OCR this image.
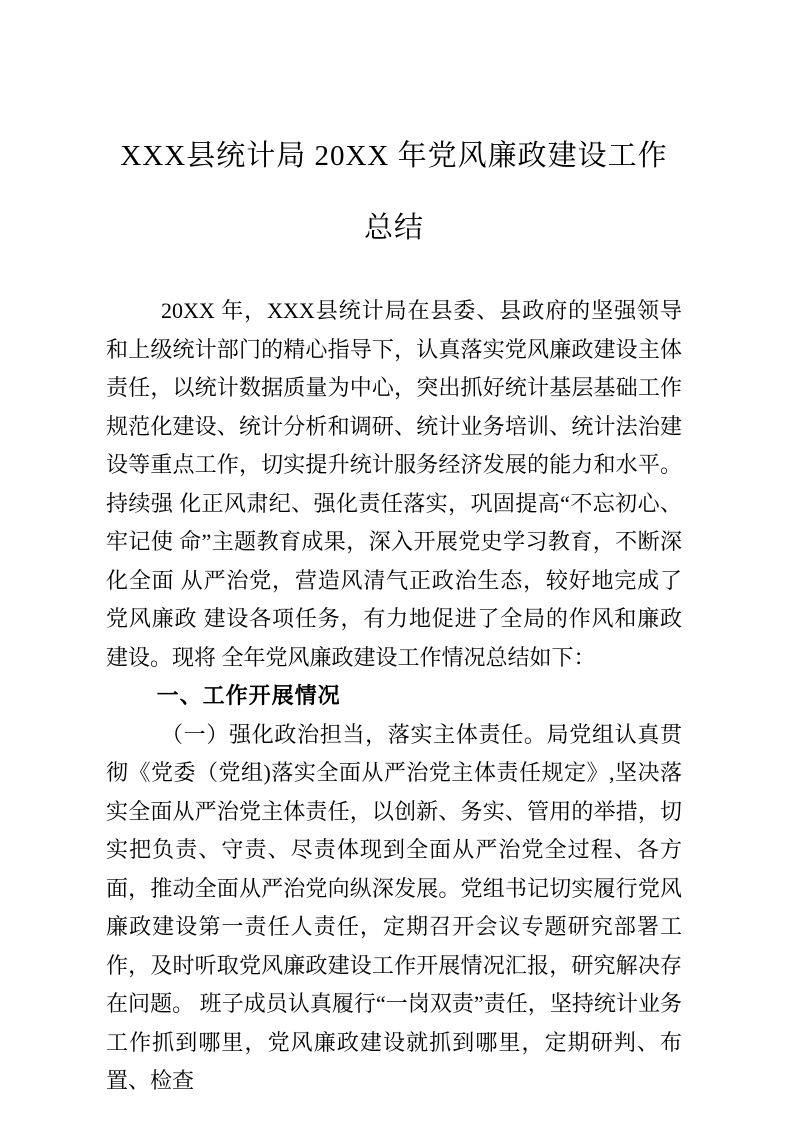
XXX县统计局 20XX 年党风廉政建设工作
总结

20XX 年，XXX县统计局在县委、县政府的坚强领导和上级统计部门的精心指导下，认真落实党风廉政建设主体责任，以统计数据质量为中心，突出抓好统计基层基础工作规范化建设、统计分析和调研、统计业务培训、统计法治建设等重点工作，切实提升统计服务经济发展的能力和水平。持续强 化正风肃纪、强化责任落实，巩固提高“不忘初心、牢记使 命”主题教育成果，深入开展党史学习教育，不断深化全面 从严治党，营造风清气正政治生态，较好地完成了党风廉政 建设各项任务，有力地促进了全局的作风和廉政建设。现将 全年党风廉政建设工作情况总结如下：

一、工作开展情况

（一）强化政治担当，落实主体责任。局党组认真贯彻《党委（党组)落实全面从严治党主体责任规定》,坚决落实全面从严治党主体责任，以创新、务实、管用的举措，切实把负责、守责、尽责体现到全面从严治党全过程、各方面，推动全面从严治党向纵深发展。党组书记切实履行党风廉政建设第一责任人责任，定期召开会议专题研究部署工作，及时听取党风廉政建设工作开展情况汇报，研究解决存在问题。 班子成员认真履行“一岗双责”责任，坚持统计业务工作抓到哪里，党风廉政建设就抓到哪里，定期研判、布置、检查
